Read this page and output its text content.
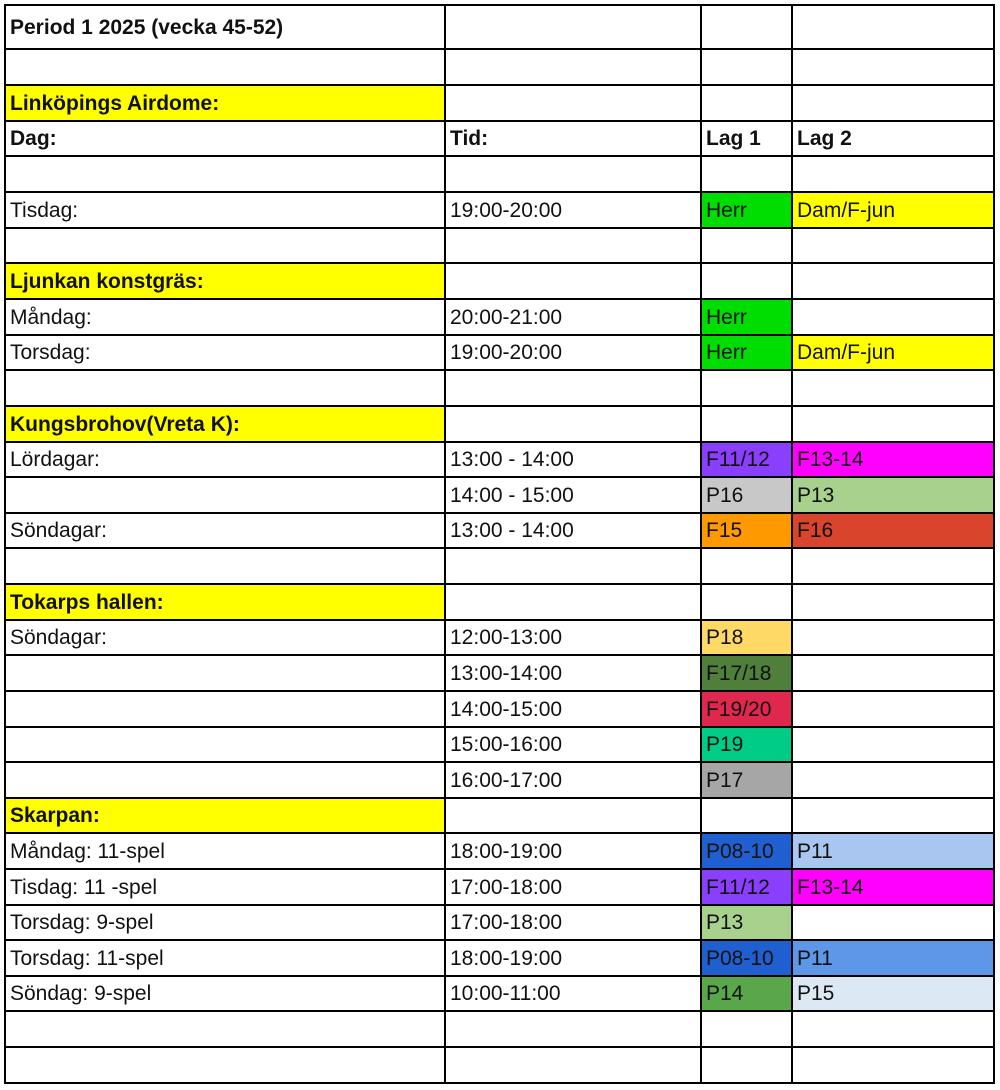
Period 1 2025 (vecka 45-52)			

Linköpings Airdome:			
Dag:	Tid:	Lag 1	Lag 2

Tisdag:	19:00-20:00	Herr	Dam/F-jun

Ljunkan konstgräs:			
Måndag:	20:00-21:00	Herr	
Torsdag:	19:00-20:00	Herr	Dam/F-jun

Kungsbrohov(Vreta K):			
Lördagar:	13:00 - 14:00	F11/12	F13-14
	14:00 - 15:00	P16	P13
Söndagar:	13:00 - 14:00	F15	F16

Tokarps hallen:			
Söndagar:	12:00-13:00	P18	
	13:00-14:00	F17/18	
	14:00-15:00	F19/20	
	15:00-16:00	P19	
	16:00-17:00	P17	
Skarpan:			
Måndag: 11-spel	18:00-19:00	P08-10	P11
Tisdag: 11 -spel	17:00-18:00	F11/12	F13-14
Torsdag: 9-spel	17:00-18:00	P13	
Torsdag: 11-spel	18:00-19:00	P08-10	P11
Söndag: 9-spel	10:00-11:00	P14	P15
